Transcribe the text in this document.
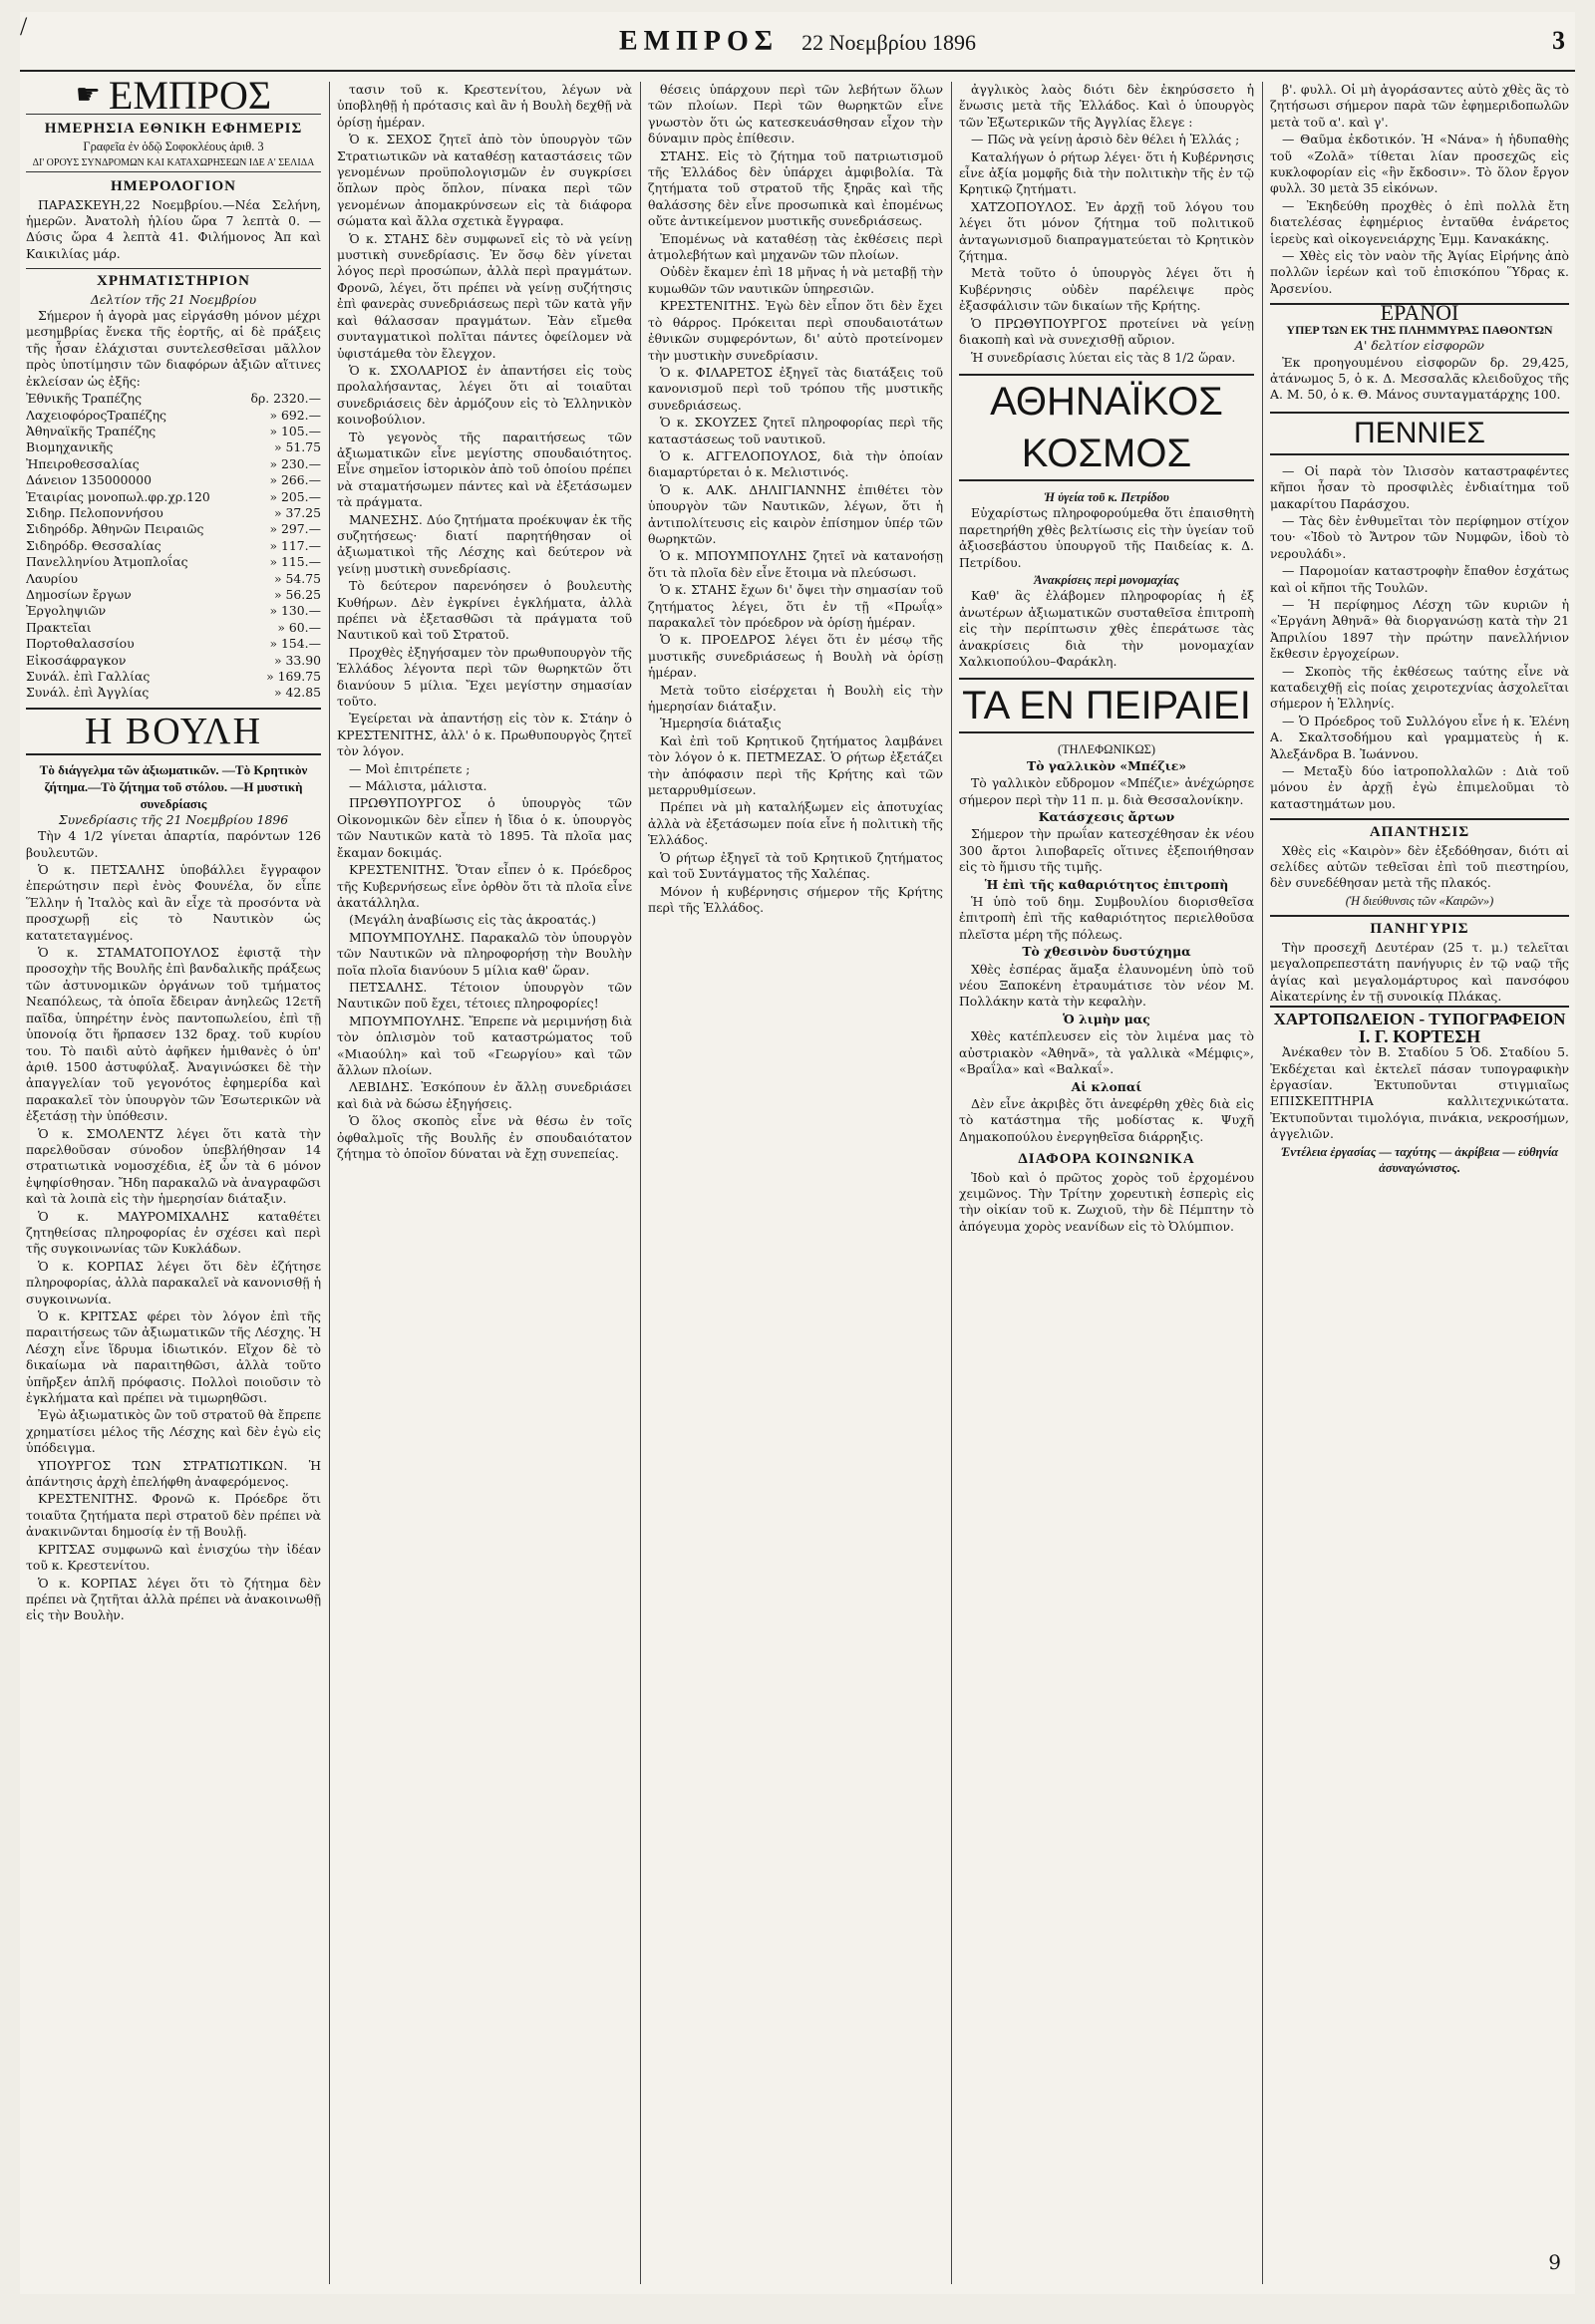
/	ΕΜΠΡΟΣ 22 Νοεμβρίου 1896	3
☛ ΕΜΠΡΟΣ
ΗΜΕΡΗΣΙΑ ΕΘΝΙΚΗ ΕΦΗΜΕΡΙΣ
Γραφεῖα ἐν ὁδῷ Σοφοκλέους ἀριθ. 3
ΔΙ' ΟΡΟΥΣ ΣΥΝΔΡΟΜΩΝ ΚΑΙ ΚΑΤΑΧΩΡΗΣΕΩΝ ΙΔΕ Α' ΣΕΛΙΔΑ
ΗΜΕΡΟΛΟΓΙΟΝ

ΠΑΡΑΣΚΕΥΗ,22 Νοεμβρίου.—Νέα Σελήνη, ἡμερῶν. Ἀνατολὴ ἡλίου ὥρα 7 λεπτὰ 0. —Δύσις ὥρα 4 λεπτὰ 41. Φιλήμονος Ἀπ καὶ Καικιλίας μάρ.

ΧΡΗΜΑΤΙΣΤΗΡΙΟΝ
Δελτίον τῆς 21 Νοεμβρίου

Σήμερον ἡ ἀγορὰ μας εἰργάσθη μόνον μέχρι μεσημβρίας ἕνεκα τῆς ἑορτῆς, αἱ δὲ πράξεις τῆς ἦσαν ἐλάχισται συντελεσθεῖσαι μᾶλλον πρὸς ὑποτίμησιν τῶν διαφόρων ἀξιῶν αἵτινες ἐκλείσαν ὡς ἐξῆς:

Ἐθνικῆς Τραπέζης	δρ. 2320.—
ΛαχειοφόροςΤραπέζης	» 692.—
Ἀθηναϊκῆς Τραπέζης	» 105.—
Βιομηχανικῆς	» 51.75
Ἠπειροθεσσαλίας	» 230.—
Δάνειον 135000000	» 266.—
Ἑταιρίας μονοπωλ.φρ.χρ.120	» 205.—
Σιδηρ. Πελοποννήσου	» 37.25
Σιδηρόδρ. Ἀθηνῶν Πειραιῶς	» 297.—
Σιδηρόδρ. Θεσσαλίας	» 117.—
Πανελληνίου Ἀτμοπλοΐας	» 115.—
Λαυρίου	» 54.75
Δημοσίων ἔργων	» 56.25
Ἐργοληψιῶν	» 130.—
Πρακτεῖαι	» 60.—
Πορτοθαλασσίου	» 154.—
Εἰκοσάφραγκον	» 33.90
Συνάλ. ἐπὶ Γαλλίας	» 169.75
Συνάλ. ἐπὶ Ἀγγλίας	» 42.85
Η ΒΟΥΛΗ
Τὸ διάγγελμα τῶν ἀξιωματικῶν. —Τὸ Κρητικὸν ζήτημα.—Τὸ ζήτημα τοῦ στόλου. —Η μυστικὴ συνεδρίασις
Συνεδρίασις τῆς 21 Νοεμβρίου 1896

Τὴν 4 1/2 γίνεται ἀπαρτία, παρόντων 126 βουλευτῶν.

Ὁ κ. ΠΕΤΣΑΛΗΣ ὑποβάλλει ἔγγραφον ἐπερώτησιν περὶ ἐνὸς Φουνέλα, ὅν εἶπε Ἕλλην ἡ Ἰταλὸς καὶ ἂν εἶχε τὰ προσόντα νὰ προσχωρῇ εἰς τὸ Ναυτικὸν ὡς κατατεταγμένος.

Ὁ κ. ΣΤΑΜΑΤΟΠΟΥΛΟΣ ἐφιστᾷ τὴν προσοχὴν τῆς Βουλῆς ἐπὶ βανδαλικῆς πράξεως τῶν ἀστυνομικῶν ὀργάνων τοῦ τμήματος Νεαπόλεως, τὰ ὁποῖα ἔδειραν ἀνηλεῶς 12ετῆ παῖδα, ὑπηρέτην ἑνὸς παντοπωλείου, ἐπὶ τῇ ὑπονοίᾳ ὅτι ἥρπασεν 132 δραχ. τοῦ κυρίου του. Τὸ παιδὶ αὐτὸ ἀφῆκεν ἡμιθανὲς ὁ ὑπ' ἀριθ. 1500 ἀστυφύλαξ. Ἀναγινώσκει δὲ τὴν ἀπαγγελίαν τοῦ γεγονότος ἐφημερίδα καὶ παρακαλεῖ τὸν ὑπουργὸν τῶν Ἐσωτερικῶν νὰ ἐξετάσῃ τὴν ὑπόθεσιν.

Ὁ κ. ΣΜΟΛΕΝΤΖ λέγει ὅτι κατὰ τὴν παρελθοῦσαν σύνοδον ὑπεβλήθησαν 14 στρατιωτικὰ νομοσχέδια, ἐξ ὧν τὰ 6 μόνον ἐψηφίσθησαν. Ἤδη παρακαλῶ νὰ ἀναγραφῶσι καὶ τὰ λοιπὰ εἰς τὴν ἡμερησίαν διάταξιν.

Ὁ κ. ΜΑΥΡΟΜΙΧΑΛΗΣ καταθέτει ζητηθείσας πληροφορίας ἐν σχέσει καὶ περὶ τῆς συγκοινωνίας τῶν Κυκλάδων.

Ὁ κ. ΚΟΡΠΑΣ λέγει ὅτι δὲν ἐζήτησε πληροφορίας, ἀλλὰ παρακαλεῖ νὰ κανονισθῇ ἡ συγκοινωνία.

Ὁ κ. ΚΡΙΤΣΑΣ φέρει τὸν λόγον ἐπὶ τῆς παραιτήσεως τῶν ἀξιωματικῶν τῆς Λέσχης. Ἡ Λέσχη εἶνε ἵδρυμα ἰδιωτικόν. Εἴχον δὲ τὸ δικαίωμα νὰ παραιτηθῶσι, ἀλλὰ τοῦτο ὑπῆρξεν ἁπλῆ πρόφασις. Πολλοὶ ποιοῦσιν τὸ ἐγκλήματα καὶ πρέπει νὰ τιμωρηθῶσι.

Ἐγὼ ἀξιωματικὸς ὢν τοῦ στρατοῦ θὰ ἔπρεπε χρηματίσει μέλος τῆς Λέσχης καὶ δὲν ἐγὼ εἰς ὑπόδειγμα.

ΥΠΟΥΡΓΟΣ ΤΩΝ ΣΤΡΑΤΙΩΤΙΚΩΝ. Ἡ ἀπάντησις ἀρχὴ ἐπελήφθη ἀναφερόμενος.

ΚΡΕΣΤΕΝΙΤΗΣ. Φρονῶ κ. Πρόεδρε ὅτι τοιαῦτα ζητήματα περὶ στρατοῦ δὲν πρέπει νὰ ἀνακινῶνται δημοσίᾳ ἐν τῇ Βουλῇ.

ΚΡΙΤΣΑΣ συμφωνῶ καὶ ἐνισχύω τὴν ἰδέαν τοῦ κ. Κρεστενίτου.

Ὁ κ. ΚΟΡΠΑΣ λέγει ὅτι τὸ ζήτημα δὲν πρέπει νὰ ζητῆται ἀλλὰ πρέπει νὰ ἀνακοινωθῇ εἰς τὴν Βουλὴν.

τασιν τοῦ κ. Κρεστενίτου, λέγων νὰ ὑποβληθῇ ἡ πρότασις καὶ ἂν ἡ Βουλὴ δεχθῇ νὰ ὁρίσῃ ἡμέραν.

Ὁ κ. ΣΕΧΟΣ ζητεῖ ἀπὸ τὸν ὑπουργὸν τῶν Στρατιωτικῶν νὰ καταθέσῃ καταστάσεις τῶν γενομένων προϋπολογισμῶν ἐν συγκρίσει ὅπλων πρὸς ὅπλον, πίνακα περὶ τῶν γενομένων ἀπομακρύνσεων εἰς τὰ διάφορα σώματα καὶ ἄλλα σχετικὰ ἔγγραφα.

Ὁ κ. ΣΤΑΗΣ δὲν συμφωνεῖ εἰς τὸ νὰ γείνῃ μυστικὴ συνεδρίασις. Ἐν ὅσῳ δὲν γίνεται λόγος περὶ προσώπων, ἀλλὰ περὶ πραγμάτων. Φρονῶ, λέγει, ὅτι πρέπει νὰ γείνῃ συζήτησις ἐπὶ φανερὰς συνεδριάσεως περὶ τῶν κατὰ γῆν καὶ θάλασσαν πραγμάτων. Ἐὰν εἴμεθα συνταγματικοὶ πολῖται πάντες ὀφείλομεν νὰ ὑφιστάμεθα τὸν ἔλεγχον.

Ὁ κ. ΣΧΟΛΑΡΙΟΣ ἐν ἀπαντήσει εἰς τοὺς προλαλήσαντας, λέγει ὅτι αἱ τοιαῦται συνεδριάσεις δὲν ἀρμόζουν εἰς τὸ Ἑλληνικὸν κοινοβούλιον.

Τὸ γεγονὸς τῆς παραιτήσεως τῶν ἀξιωματικῶν εἶνε μεγίστης σπουδαιότητος. Εἶνε σημεῖον ἱστορικὸν ἀπὸ τοῦ ὁποίου πρέπει νὰ σταματήσωμεν πάντες καὶ νὰ ἐξετάσωμεν τὰ πράγματα.

ΜΑΝΕΣΗΣ. Δύο ζητήματα προέκυψαν ἐκ τῆς συζητήσεως· διατί παρητήθησαν οἱ ἀξιωματικοὶ τῆς Λέσχης καὶ δεύτερον νὰ γείνῃ μυστικὴ συνεδρίασις.

Τὸ δεύτερον παρενόησεν ὁ βουλευτὴς Κυθήρων. Δὲν ἐγκρίνει ἐγκλήματα, ἀλλὰ πρέπει νὰ ἐξετασθῶσι τὰ πράγματα τοῦ Ναυτικοῦ καὶ τοῦ Στρατοῦ.

Προχθὲς ἐξηγήσαμεν τὸν πρωθυπουργὸν τῆς Ἑλλάδος λέγοντα περὶ τῶν θωρηκτῶν ὅτι διανύουν 5 μίλια. Ἔχει μεγίστην σημασίαν τοῦτο.

Ἐγείρεται νὰ ἀπαντήσῃ εἰς τὸν κ. Στάην ὁ ΚΡΕΣΤΕΝΙΤΗΣ, ἀλλ' ὁ κ. Πρωθυπουργὸς ζητεῖ τὸν λόγον.

— Μοὶ ἐπιτρέπετε ;

— Μάλιστα, μάλιστα.

ΠΡΩΘΥΠΟΥΡΓΟΣ ὁ ὑπουργὸς τῶν Οἰκονομικῶν δὲν εἶπεν ἡ ἴδια ὁ κ. ὑπουργὸς τῶν Ναυτικῶν κατὰ τὸ 1895. Τὰ πλοῖα μας ἔκαμαν δοκιμάς.

ΚΡΕΣΤΕΝΙΤΗΣ. Ὅταν εἶπεν ὁ κ. Πρόεδρος τῆς Κυβερνήσεως εἶνε ὀρθὸν ὅτι τὰ πλοῖα εἶνε ἀκατάλληλα.

(Μεγάλη ἀναβίωσις εἰς τὰς ἀκροατάς.)

ΜΠΟΥΜΠΟΥΛΗΣ. Παρακαλῶ τὸν ὑπουργὸν τῶν Ναυτικῶν νὰ πληροφορήσῃ τὴν Βουλὴν ποῖα πλοῖα διανύουν 5 μίλια καθ' ὥραν.

ΠΕΤΣΑΛΗΣ. Τέτοιον ὑπουργὸν τῶν Ναυτικῶν ποῦ ἔχει, τέτοιες πληροφορίες!

ΜΠΟΥΜΠΟΥΛΗΣ. Ἔπρεπε νὰ μεριμνήσῃ διὰ τὸν ὁπλισμὸν τοῦ καταστρώματος τοῦ «Μιαούλη» καὶ τοῦ «Γεωργίου» καὶ τῶν ἄλλων πλοίων.

ΛΕΒΙΔΗΣ. Ἐσκόπουν ἐν ἄλλῃ συνεδριάσει καὶ διὰ νὰ δώσω ἐξηγήσεις.

Ὁ ὅλος σκοπὸς εἶνε νὰ θέσω ἐν τοῖς ὀφθαλμοῖς τῆς Βουλῆς ἐν σπουδαιότατον ζήτημα τὸ ὁποῖον δύναται νὰ ἔχῃ συνεπείας.

θέσεις ὑπάρχουν περὶ τῶν λεβήτων ὅλων τῶν πλοίων. Περὶ τῶν θωρηκτῶν εἶνε γνωστὸν ὅτι ὡς κατεσκευάσθησαν εἶχον τὴν δύναμιν πρὸς ἐπίθεσιν.

ΣΤΑΗΣ. Εἰς τὸ ζήτημα τοῦ πατριωτισμοῦ τῆς Ἑλλάδος δὲν ὑπάρχει ἀμφιβολία. Τὰ ζητήματα τοῦ στρατοῦ τῆς ξηρᾶς καὶ τῆς θαλάσσης δὲν εἶνε προσωπικὰ καὶ ἐπομένως οὔτε ἀντικείμενον μυστικῆς συνεδριάσεως.

Ἐπομένως νὰ καταθέσῃ τὰς ἐκθέσεις περὶ ἀτμολεβήτων καὶ μηχανῶν τῶν πλοίων.

Οὐδὲν ἔκαμεν ἐπὶ 18 μῆνας ἡ νὰ μεταβῇ τὴν κυμωθῶν τῶν ναυτικῶν ὑπηρεσιῶν.

ΚΡΕΣΤΕΝΙΤΗΣ. Ἐγὼ δὲν εἶπον ὅτι δὲν ἔχει τὸ θάρρος. Πρόκειται περὶ σπουδαιοτάτων ἐθνικῶν συμφερόντων, δι' αὐτὸ προτείνομεν τὴν μυστικὴν συνεδρίασιν.

Ὁ κ. ΦΙΛΑΡΕΤΟΣ ἐξηγεῖ τὰς διατάξεις τοῦ κανονισμοῦ περὶ τοῦ τρόπου τῆς μυστικῆς συνεδριάσεως.

Ὁ κ. ΣΚΟΥΖΕΣ ζητεῖ πληροφορίας περὶ τῆς καταστάσεως τοῦ ναυτικοῦ.

Ὁ κ. ΑΓΓΕΛΟΠΟΥΛΟΣ, διὰ τὴν ὁποίαν διαμαρτύρεται ὁ κ. Μελιστινός.

Ὁ κ. ΑΛΚ. ΔΗΛΙΓΙΑΝΝΗΣ ἐπιθέτει τὸν ὑπουργὸν τῶν Ναυτικῶν, λέγων, ὅτι ἡ ἀντιπολίτευσις εἰς καιρὸν ἐπίσημον ὑπέρ τῶν θωρηκτῶν.

Ὁ κ. ΜΠΟΥΜΠΟΥΛΗΣ ζητεῖ νὰ κατανοήσῃ ὅτι τὰ πλοῖα δὲν εἶνε ἕτοιμα νὰ πλεύσωσι.

Ὁ κ. ΣΤΑΗΣ ἔχων δι' ὄψει τὴν σημασίαν τοῦ ζητήματος λέγει, ὅτι ἐν τῇ «Πρωΐᾳ» παρακαλεῖ τὸν πρόεδρον νὰ ὁρίσῃ ἡμέραν.

Ὁ κ. ΠΡΟΕΔΡΟΣ λέγει ὅτι ἐν μέσῳ τῆς μυστικῆς συνεδριάσεως ἡ Βουλὴ νὰ ὁρίσῃ ἡμέραν.

Μετὰ τοῦτο εἰσέρχεται ἡ Βουλὴ εἰς τὴν ἡμερησίαν διάταξιν.

Ἡμερησία διάταξις

Καὶ ἐπὶ τοῦ Κρητικοῦ ζητήματος λαμβάνει τὸν λόγον ὁ κ. ΠΕΤΜΕΖΑΣ. Ὁ ρήτωρ ἐξετάζει τὴν ἀπόφασιν περὶ τῆς Κρήτης καὶ τῶν μεταρρυθμίσεων.

Πρέπει νὰ μὴ καταλήξωμεν εἰς ἀποτυχίας ἀλλὰ νὰ ἐξετάσωμεν ποία εἶνε ἡ πολιτικὴ τῆς Ἑλλάδος.

Ὁ ρήτωρ ἐξηγεῖ τὰ τοῦ Κρητικοῦ ζητήματος καὶ τοῦ Συντάγματος τῆς Χαλέπας.

Μόνον ἡ κυβέρνησις σήμερον τῆς Κρήτης περὶ τῆς Ἑλλάδος.

ἀγγλικὸς λαὸς διότι δὲν ἐκηρύσσετο ἡ ἕνωσις μετὰ τῆς Ἑλλάδος. Καὶ ὁ ὑπουργὸς τῶν Ἐξωτερικῶν τῆς Ἀγγλίας ἔλεγε :

— Πῶς νὰ γείνῃ ἀρσιὸ δὲν θέλει ἡ Ἑλλάς ;

Καταλήγων ὁ ρήτωρ λέγει· ὅτι ἡ Κυβέρνησις εἶνε ἀξία μομφῆς διὰ τὴν πολιτικὴν τῆς ἐν τῷ Κρητικῷ ζητήματι.

ΧΑΤΖΟΠΟΥΛΟΣ. Ἐν ἀρχῇ τοῦ λόγου του λέγει ὅτι μόνον ζήτημα τοῦ πολιτικοῦ ἀνταγωνισμοῦ διαπραγματεύεται τὸ Κρητικὸν ζήτημα.

Μετὰ τοῦτο ὁ ὑπουργὸς λέγει ὅτι ἡ Κυβέρνησις οὐδὲν παρέλειψε πρὸς ἐξασφάλισιν τῶν δικαίων τῆς Κρήτης.

Ὁ ΠΡΩΘΥΠΟΥΡΓΟΣ προτείνει νὰ γείνῃ διακοπὴ καὶ νὰ συνεχισθῇ αὔριον.

Ἡ συνεδρίασις λύεται εἰς τὰς 8 1/2 ὥραν.

ΑΘΗΝΑΪΚΟΣ ΚΟΣΜΟΣ
Ἡ ὑγεία τοῦ κ. Πετρίδου

Εὐχαρίστως πληροφορούμεθα ὅτι ἐπαισθητὴ παρετηρήθη χθὲς βελτίωσις εἰς τὴν ὑγείαν τοῦ ἀξιοσεβάστου ὑπουργοῦ τῆς Παιδείας κ. Δ. Πετρίδου.

Ἀνακρίσεις περὶ μονομαχίας

Καθ' ἃς ἐλάβομεν πληροφορίας ἡ ἐξ ἀνωτέρων ἀξιωματικῶν συσταθεῖσα ἐπιτροπὴ εἰς τὴν περίπτωσιν χθὲς ἐπεράτωσε τὰς ἀνακρίσεις διὰ τὴν μονομαχίαν Χαλκιοπούλου–Φαράκλη.

ΤΑ ΕΝ ΠΕΙΡΑΙΕΙ
(ΤΗΛΕΦΩΝΙΚΩΣ)

Τὸ γαλλικὸν «Μπέζιε»

Τὸ γαλλικὸν εὔδρομον «Μπέζιε» ἀνέχώρησε σήμερον περὶ τὴν 11 π. μ. διὰ Θεσσαλονίκην.

Κατάσχεσις ἄρτων

Σήμερον τὴν πρωΐαν κατεσχέθησαν ἐκ νέου 300 ἄρτοι λιποβαρεῖς οἵτινες ἐξεποιήθησαν εἰς τὸ ἥμισυ τῆς τιμῆς.

Ἡ ἐπὶ τῆς καθαριότητος ἐπιτροπὴ

Ἡ ὑπὸ τοῦ δημ. Συμβουλίου διορισθεῖσα ἐπιτροπὴ ἐπὶ τῆς καθαριότητος περιελθοῦσα πλεῖστα μέρη τῆς πόλεως.

Τὸ χθεσινὸν δυστύχημα

Χθὲς ἐσπέρας ἅμαξα ἐλαυνομένη ὑπὸ τοῦ νέου Ξαποκένη ἐτραυμάτισε τὸν νέον Μ. Πολλάκην κατὰ τὴν κεφαλὴν.

Ὁ λιμὴν μας

Χθὲς κατέπλευσεν εἰς τὸν λιμένα μας τὸ αὐστριακὸν «Ἀθηνᾶ», τὰ γαλλικὰ «Μέμφις», «Βραΐλα» καὶ «Βαλκαΐ».

Αἱ κλοπαί

Δὲν εἶνε ἀκριβὲς ὅτι ἀνεφέρθη χθὲς διὰ εἰς τὸ κατάστημα τῆς μοδίστας κ. Ψυχῆ Δημακοπούλου ἐνεργηθεῖσα διάρρηξις.

ΔΙΑΦΟΡΑ ΚΟΙΝΩΝΙΚΑ

Ἰδοὺ καὶ ὁ πρῶτος χορὸς τοῦ ἐρχομένου χειμῶνος. Τὴν Τρίτην χορευτικὴ ἑσπερὶς εἰς τὴν οἰκίαν τοῦ κ. Ζωχιοῦ, τὴν δὲ Πέμπτην τὸ ἀπόγευμα χορὸς νεανίδων εἰς τὸ Ὀλύμπιον.

β'. φυλλ. Οἱ μὴ ἀγοράσαντες αὐτὸ χθὲς ἂς τὸ ζητήσωσι σήμερον παρὰ τῶν ἐφημεριδοπωλῶν μετὰ τοῦ α'. καὶ γ'.

— Θαῦμα ἐκδοτικόν. Ἡ «Νάνα» ἡ ἡδυπαθὴς τοῦ «Ζολᾶ» τίθεται λίαν προσεχῶς εἰς κυκλοφορίαν εἰς «ἣν ἔκδοσιν». Τὸ ὅλον ἔργον φυλλ. 30 μετὰ 35 εἰκόνων.

— Ἐκηδεύθη προχθὲς ὁ ἐπὶ πολλὰ ἔτη διατελέσας ἐφημέριος ἐνταῦθα ἐνάρετος ἱερεὺς καὶ οἰκογενειάρχης Ἐμμ. Κανακάκης.

— Χθὲς εἰς τὸν ναὸν τῆς Ἁγίας Εἰρήνης ἀπὸ πολλῶν ἱερέων καὶ τοῦ ἐπισκόπου Ὕδρας κ. Ἀρσενίου.

ΕΡΑΝΟΙ
ΥΠΕΡ ΤΩΝ ΕΚ ΤΗΣ ΠΛΗΜΜΥΡΑΣ ΠΑΘΟΝΤΩΝ
Α' δελτίον εἰσφορῶν

Ἐκ προηγουμένου εἰσφορῶν δρ. 29,425, ἀτάνωμος 5, ὁ κ. Δ. Μεσσαλᾶς κλειδοῦχος τῆς Α. Μ. 50, ὁ κ. Θ. Μάνος συνταγματάρχης 100.

ΠΕΝΝΙΕΣ

— Οἱ παρὰ τὸν Ἰλισσὸν καταστραφέντες κῆποι ἦσαν τὸ προσφιλὲς ἐνδιαίτημα τοῦ μακαρίτου Παράσχου.

— Τὰς δὲν ἐνθυμεῖται τὸν περίφημον στίχον του· «Ἰδοὺ τὸ Ἄντρον τῶν Νυμφῶν, ἰδοὺ τὸ νερουλάδι».

— Παρομοίαν καταστροφὴν ἔπαθον ἐσχάτως καὶ οἱ κῆποι τῆς Τουλῶν.

— Ἡ περίφημος Λέσχη τῶν κυριῶν ἡ «Ἐργάνη Ἀθηνᾶ» θὰ διοργανώσῃ κατὰ τὴν 21 Ἀπριλίου 1897 τὴν πρώτην πανελλήνιον ἔκθεσιν ἐργοχείρων.

— Σκοπὸς τῆς ἐκθέσεως ταύτης εἶνε νὰ καταδειχθῇ εἰς ποίας χειροτεχνίας ἀσχολεῖται σήμερον ἡ Ἑλληνίς.

— Ὁ Πρόεδρος τοῦ Συλλόγου εἶνε ἡ κ. Ἑλένη Α. Σκαλτσοδήμου καὶ γραμματεὺς ἡ κ. Ἀλεξάνδρα Β. Ἰωάννου.

— Μεταξὺ δύο ἰατροπολλαλῶν : Διὰ τοῦ μόνου ἐν ἀρχῇ ἐγὼ ἐπιμελοῦμαι τὸ καταστημάτων μου.

ΑΠΑΝΤΗΣΙΣ

Χθὲς εἰς «Καιρὸν» δὲν ἐξεδόθησαν, διότι αἱ σελίδες αὐτῶν τεθεῖσαι ἐπὶ τοῦ πιεστηρίου, δὲν συνεδέθησαν μετὰ τῆς πλακός.

(Ἡ διεύθυνσις τῶν «Καιρῶν»)
ΠΑΝΗΓΥΡΙΣ

Τὴν προσεχῆ Δευτέραν (25 τ. μ.) τελεῖται μεγαλοπρεπεστάτη πανήγυρις ἐν τῷ ναῷ τῆς ἁγίας καὶ μεγαλομάρτυρος καὶ πανσόφου Αἰκατερίνης ἐν τῇ συνοικίᾳ Πλάκας.

ΧΑΡΤΟΠΩΛΕΙΟΝ - ΤΥΠΟΓΡΑΦΕΙΟΝ
Ι. Γ. ΚΟΡΤΕΣΗ

Ἀνέκαθεν τὸν Β. Σταδίου 5 Ὁδ. Σταδίου 5. Ἐκδέχεται καὶ ἐκτελεῖ πάσαν τυπογραφικὴν ἐργασίαν. Ἐκτυποῦνται στιγμιαῖως ΕΠΙΣΚΕΠΤΗΡΙΑ καλλιτεχνικώτατα. Ἐκτυποῦνται τιμολόγια, πινάκια, νεκροσήμων, ἀγγελιῶν.

Ἐντέλεια ἐργασίας — ταχύτης — ἀκρίβεια — εὐθηνία ἀσυναγώνιστος.
9
